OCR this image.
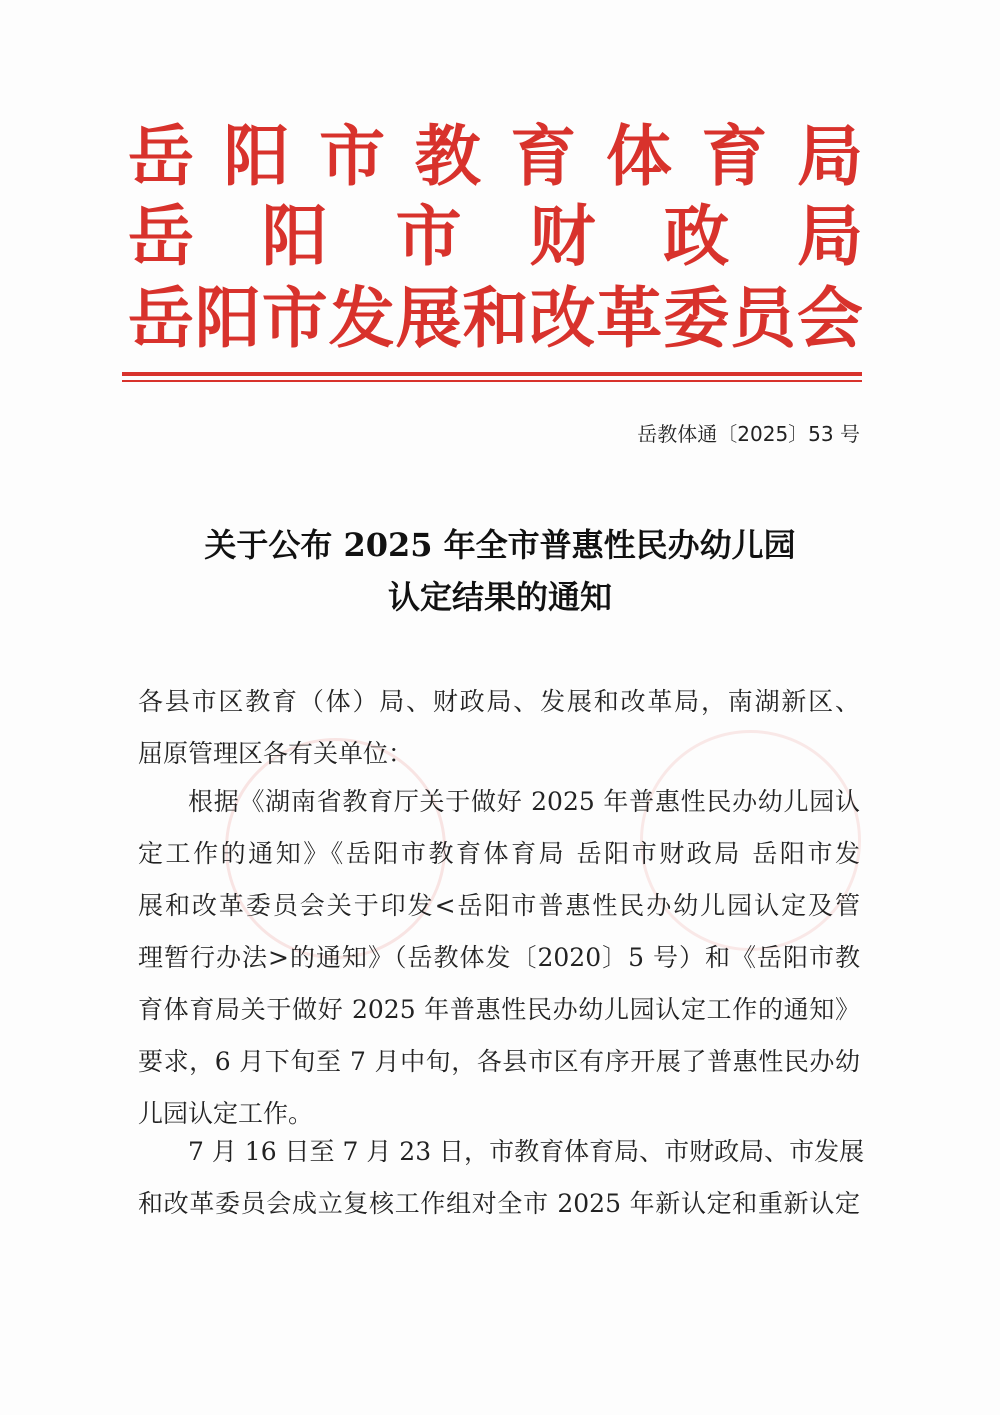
岳 阳 市 教 育 体 育 局
岳 阳 市 财 政 局
岳 阳 市 发 展 和 改 革 委 员 会
岳教体通〔2025〕53 号
关于公布 2025 年全市普惠性民办幼儿园
认定结果的通知
各县市区教育（体）局、财政局、发展和改革局，南湖新区、
屈原管理区各有关单位：
根据《湖南省教育厅关于做好 2025 年普惠性民办幼儿园认
定工作的通知》《岳阳市教育体育局 岳阳市财政局 岳阳市发
展和改革委员会关于印发<岳阳市普惠性民办幼儿园认定及管
理暂行办法>的通知》（岳教体发〔2020〕5 号）和《岳阳市教
育体育局关于做好 2025 年普惠性民办幼儿园认定工作的通知》
要求，6 月下旬至 7 月中旬，各县市区有序开展了普惠性民办幼
儿园认定工作。
7 月 16 日至 7 月 23 日，市教育体育局、市财政局、市发展
和改革委员会成立复核工作组对全市 2025 年新认定和重新认定
